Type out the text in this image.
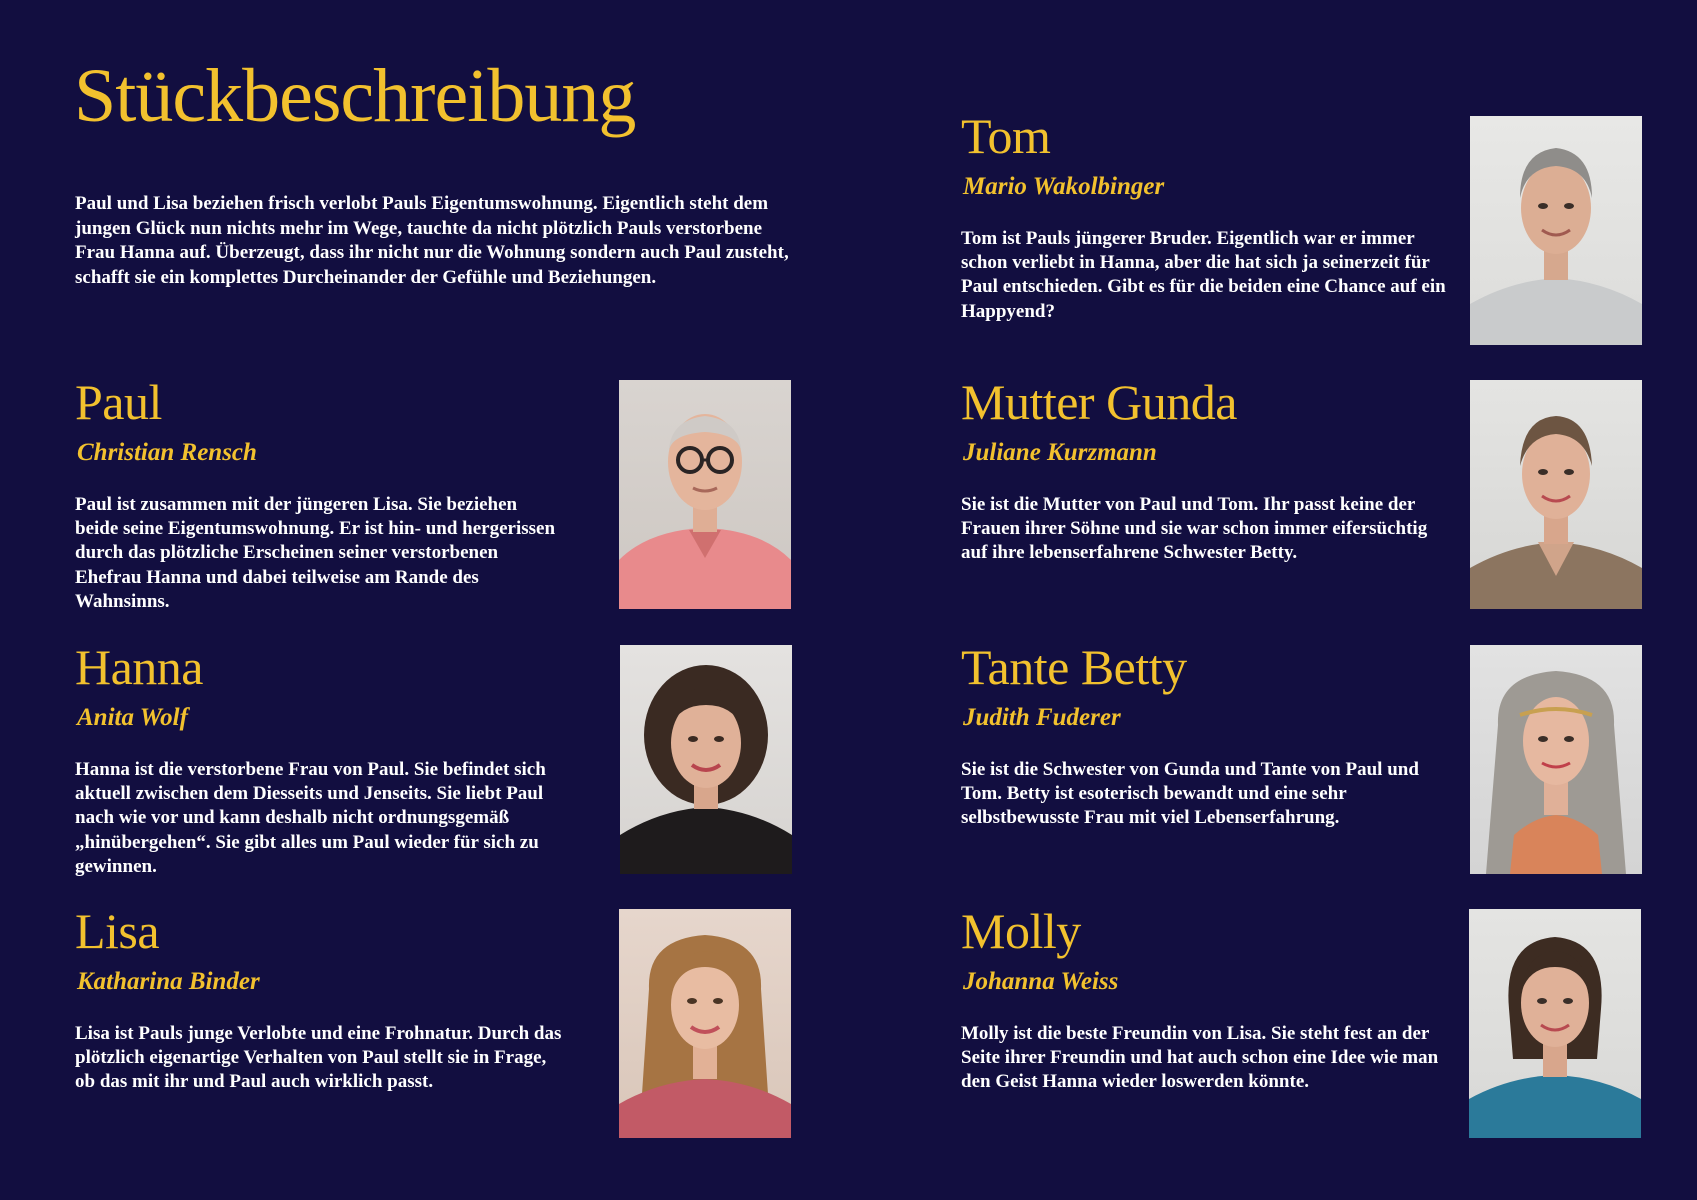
Stückbeschreibung

Paul und Lisa beziehen frisch verlobt Pauls Eigentumswohnung. Eigentlich steht dem jungen Glück nun nichts mehr im Wege, tauchte da nicht plötzlich Pauls verstorbene Frau Hanna auf. Überzeugt, dass ihr nicht nur die Wohnung sondern auch Paul zusteht, schafft sie ein komplettes Durcheinander der Gefühle und Beziehungen.

Paul
Christian Rensch

Paul ist zusammen mit der jüngeren Lisa. Sie beziehen beide seine Eigentumswohnung. Er ist hin- und hergerissen durch das plötzliche Erscheinen seiner verstorbenen Ehefrau Hanna und dabei teilweise am Rande des Wahnsinns.

Hanna
Anita Wolf

Hanna ist die verstorbene Frau von Paul. Sie befindet sich aktuell zwischen dem Diesseits und Jenseits. Sie liebt Paul nach wie vor und kann deshalb nicht ordnungsgemäß „hinübergehen“. Sie gibt alles um Paul wieder für sich zu gewinnen.

Lisa
Katharina Binder

Lisa ist Pauls junge Verlobte und eine Frohnatur. Durch das plötzlich eigenartige Verhalten von Paul stellt sie in Frage, ob das mit ihr und Paul auch wirklich passt.

Tom
Mario Wakolbinger

Tom ist Pauls jüngerer Bruder. Eigentlich war er immer schon verliebt in Hanna, aber die hat sich ja seinerzeit für Paul entschieden. Gibt es für die beiden eine Chance auf ein Happyend?

Mutter Gunda
Juliane Kurzmann

Sie ist die Mutter von Paul und Tom. Ihr passt keine der Frauen ihrer Söhne und sie war schon immer eifersüchtig auf ihre lebenserfahrene Schwester Betty.

Tante Betty
Judith Fuderer

Sie ist die Schwester von Gunda und Tante von Paul und Tom. Betty ist esoterisch bewandt und eine sehr selbstbewusste Frau mit viel Lebenserfahrung.

Molly
Johanna Weiss

Molly ist die beste Freundin von Lisa. Sie steht fest an der Seite ihrer Freundin und hat auch schon eine Idee wie man den Geist Hanna wieder loswerden könnte.
